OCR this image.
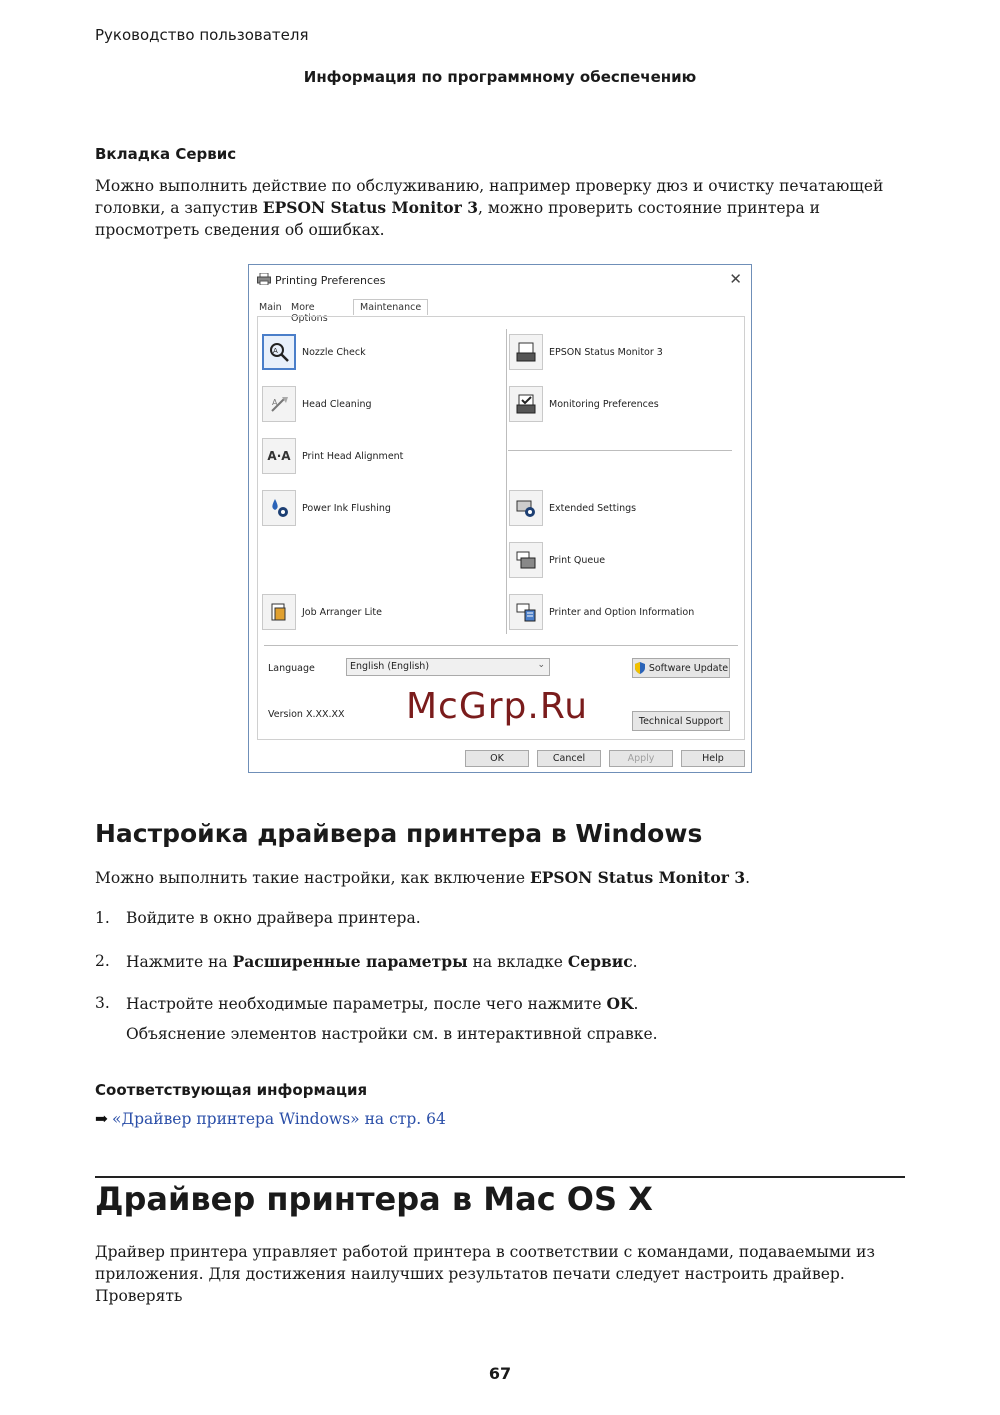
Руководство пользователя
Информация по программному обеспечению
Вкладка Сервис
Можно выполнить действие по обслуживанию, например проверку дюз и очистку печатающей головки, а запустив EPSON Status Monitor 3, можно проверить состояние принтера и просмотреть сведения об ошибках.
Printing Preferences	✕
Main More Options
Maintenance
A	Nozzle Check
A	Head Cleaning
A·A	Print Head Alignment
Power Ink Flushing
Job Arranger Lite
EPSON Status Monitor 3
Monitoring Preferences
Extended Settings
Print Queue
Printer and Option Information
Language	English (English)	⌄	Software Update
Version X.XX.XX
Technical Support
OK	Cancel	Apply	Help
McGrp.Ru
Настройка драйвера принтера в Windows
Можно выполнить такие настройки, как включение EPSON Status Monitor 3.
1. Войдите в окно драйвера принтера.
2. Нажмите на Расширенные параметры на вкладке Сервис.
3. Настройте необходимые параметры, после чего нажмите OK.
Объяснение элементов настройки см. в интерактивной справке.
Соответствующая информация
➡ «Драйвер принтера Windows» на стр. 64
Драйвер принтера в Mac OS X
Драйвер принтера управляет работой принтера в соответствии с командами, подаваемыми из приложения. Для достижения наилучших результатов печати следует настроить драйвер. Проверять
67
